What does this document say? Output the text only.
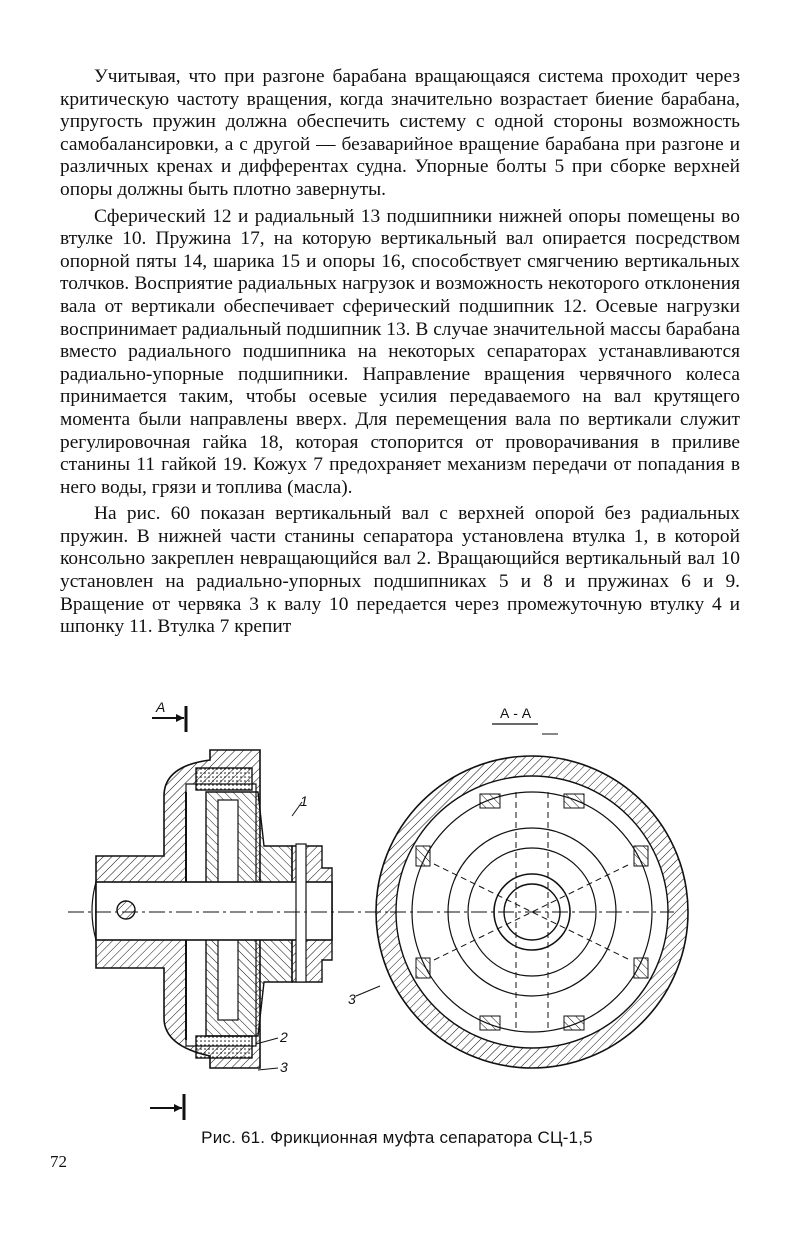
Учитывая, что при разгоне барабана вращающаяся система проходит через критическую частоту вращения, когда значительно возрастает биение барабана, упругость пружин должна обеспечить систему с одной стороны возможность самобалансировки, а с другой — безаварийное вращение барабана при разгоне и различных кренах и дифферентах судна. Упорные болты 5 при сборке верхней опоры должны быть плотно завернуты.

Сферический 12 и радиальный 13 подшипники нижней опоры помещены во втулке 10. Пружина 17, на которую вертикальный вал опирается посредством опорной пяты 14, шарика 15 и опоры 16, способствует смягчению вертикальных толчков. Восприятие радиальных нагрузок и возможность некоторого отклонения вала от вертикали обеспечивает сферический подшипник 12. Осевые нагрузки воспринимает радиальный подшипник 13. В случае значительной массы барабана вместо радиального подшипника на некоторых сепараторах устанавливаются радиально-упорные подшипники. Направление вращения червячного колеса принимается таким, чтобы осевые усилия передаваемого на вал крутящего момента были направлены вверх. Для перемещения вала по вертикали служит регулировочная гайка 18, которая стопорится от проворачивания в приливе станины 11 гайкой 19. Кожух 7 предохраняет механизм передачи от попадания в него воды, грязи и топлива (масла).

На рис. 60 показан вертикальный вал с верхней опорой без радиальных пружин. В нижней части станины сепаратора установлена втулка 1, в которой консольно закреплен невращающийся вал 2. Вращающийся вертикальный вал 10 установлен на радиально-упорных подшипниках 5 и 8 и пружинах 6 и 9. Вращение от червяка 3 к валу 10 передается через промежуточную втулку 4 и шпонку 11. Втулка 7 крепит

А
1
2
3
А - А
3
Рис. 61. Фрикционная муфта сепаратора СЦ-1,5
72
